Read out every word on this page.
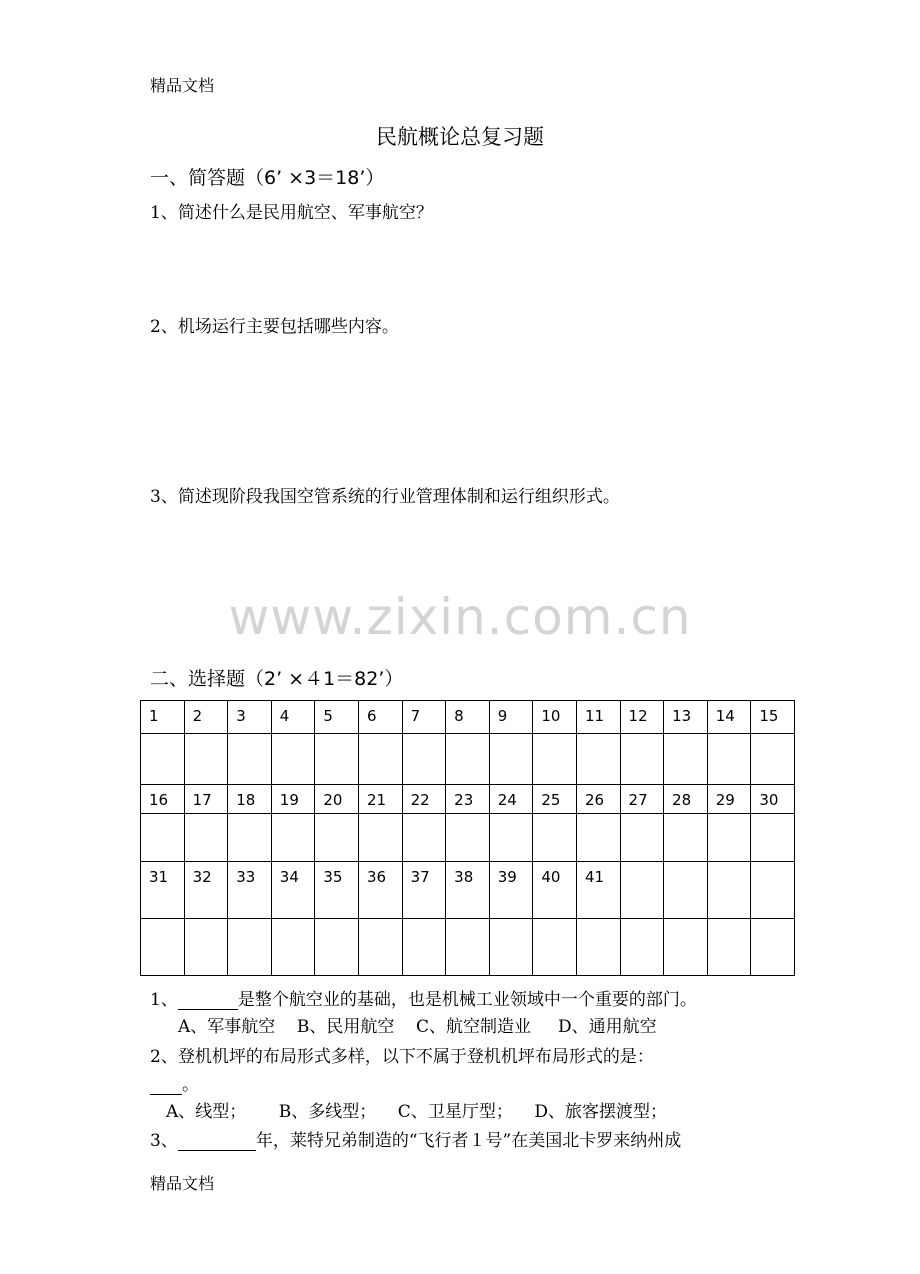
精品文档
民航概论总复习题
一、简答题（6’ ×3＝18’）
1、简述什么是民用航空、军事航空？
2、机场运行主要包括哪些内容。
3、简述现阶段我国空管系统的行业管理体制和运行组织形式。
www.zixin.com.cn
二、选择题（2’ ×４1＝82’）
1	2	3	4	5	6	7	8	9	10	11	12	13	14	15

16	17	18	19	20	21	22	23	24	25	26	27	28	29	30

31	32	33	34	35	36	37	38	39	40	41				

1、	是整个航空业的基础，也是机械工业领域中一个重要的部门。
A、军事航空    B、民用航空    C、航空制造业     D、通用航空
2、登机机坪的布局形式多样，以下不属于登机机坪布局形式的是：
。
A、线型；      B、多线型；    C、卫星厅型；    D、旅客摆渡型；
3、	年，莱特兄弟制造的“飞行者１号”在美国北卡罗来纳州成
精品文档
